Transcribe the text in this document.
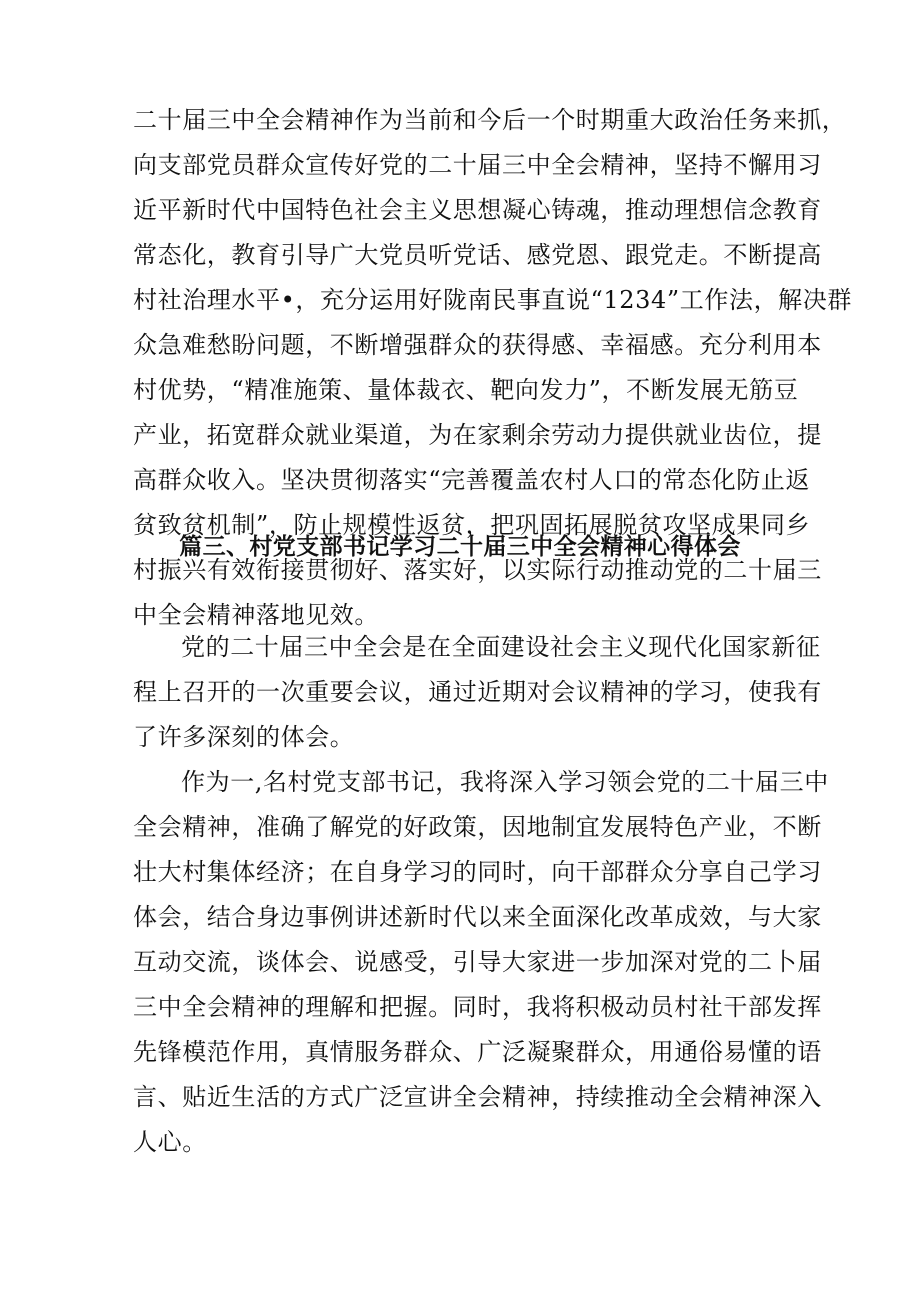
二十届三中全会精神作为当前和今后一个时期重大政治任务来抓，
向支部党员群众宣传好党的二十届三中全会精神，坚持不懈用习
近平新时代中国特色社会主义思想凝心铸魂，推动理想信念教育
常态化，教育引导广大党员听党话、感党恩、跟党走。不断提高
村社治理水平•，充分运用好陇南民事直说“1234”工作法，解决群
众急难愁盼问题，不断增强群众的获得感、幸福感。充分利用本
村优势，“精准施策、量体裁衣、靶向发力”，不断发展无筋豆
产业，拓宽群众就业渠道，为在家剩余劳动力提供就业齿位，提
高群众收入。坚决贯彻落实“完善覆盖农村人口的常态化防止返
贫致贫机制”，防止规模性返贫，把巩固拓展脱贫攻坚成果同乡
村振兴有效衔接贯彻好、落实好，以实际行动推动党的二十届三
中全会精神落地见效。
篇三、村党支部书记学习二十届三中全会精神心得体会
党的二十届三中全会是在全面建设社会主义现代化国家新征
程上召开的一次重要会议，通过近期对会议精神的学习，使我有
了许多深刻的体会。
作为一,名村党支部书记，我将深入学习领会党的二十届三中
全会精神，准确了解党的好政策，因地制宜发展特色产业，不断
壮大村集体经济；在自身学习的同时，向干部群众分享自己学习
体会，结合身边事例讲述新时代以来全面深化改革成效，与大家
互动交流，谈体会、说感受，引导大家进一步加深对党的二卜届
三中全会精神的理解和把握。同时，我将积极动员村社干部发挥
先锋模范作用，真情服务群众、广泛凝聚群众，用通俗易懂的语
言、贴近生活的方式广泛宣讲全会精神，持续推动全会精神深入
人心。
